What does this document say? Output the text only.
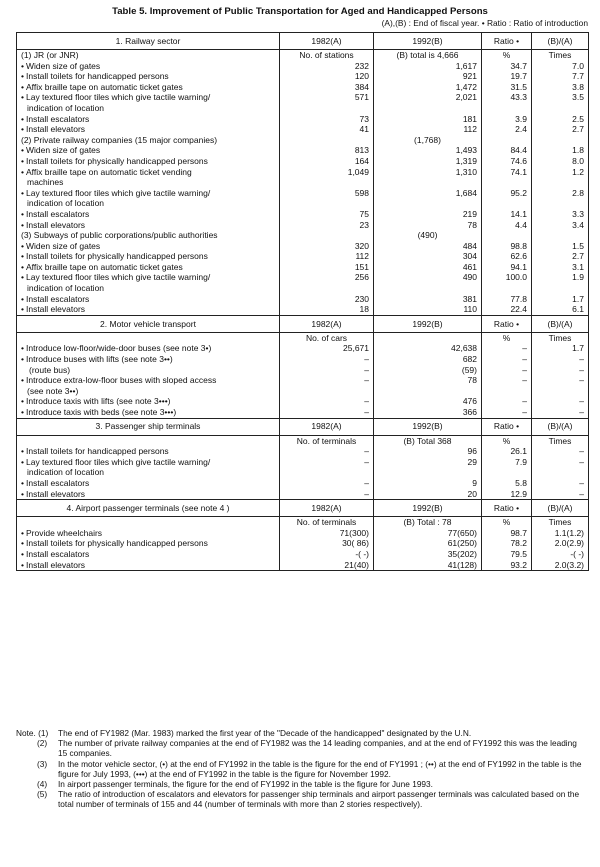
Table 5. Improvement of Public Transportation for Aged and Handicapped Persons
(A),(B) : End of fiscal year. • Ratio : Ratio of introduction
1. Railway sector	1982(A)	1992(B)	Ratio •	(B)/(A)

(1) JR (or JNR)	No. of stations	(B) total is 4,666	%	Times

• Widen size of gates	232	1,617	34.7	7.0

• Install toilets for handicapped persons	120	921	19.7	7.7

• Affix braille tape on automatic ticket gates	384	1,472	31.5	3.8

• Lay textured floor tiles which give tactile warning/
indication of location	571	2,021	43.3	3.5

• Install escalators	73	181	3.9	2.5

• Install elevators	41	112	2.4	2.7

(2) Private railway companies (15 major companies)		(1,768)		

• Widen size of gates	813	1,493	84.4	1.8

• Install toilets for physically handicapped persons	164	1,319	74.6	8.0

• Affix braille tape on automatic ticket vending
machines	1,049	1,310	74.1	1.2

• Lay textured floor tiles which give tactile warning/
indication of location	598	1,684	95.2	2.8

• Install escalators	75	219	14.1	3.3

• Install elevators	23	78	4.4	3.4

(3) Subways of public corporations/public authorities		(490)		

• Widen size of gates	320	484	98.8	1.5

• Install toilets for physically handicapped persons	112	304	62.6	2.7

• Affix braille tape on automatic ticket gates	151	461	94.1	3.1

• Lay textured floor tiles which give tactile warning/
indication of location	256	490	100.0	1.9

• Install escalators	230	381	77.8	1.7

• Install elevators	18	110	22.4	6.1
2. Motor vehicle transport	1982(A)	1992(B)	Ratio •	(B)/(A)

	No. of cars		%	Times

• Introduce low-floor/wide-door buses (see note 3•)	25,671	42,638	–	1.7

• Introduce buses with lifts (see note 3••)	–	682	–	–

(route bus)	–	(59)	–	–

• Introduce extra-low-floor buses with sloped access
(see note 3••)	–	78	–	–

• Introduce taxis with lifts (see note 3•••)	–	476	–	–

• Introduce taxis with beds (see note 3•••)	–	366	–	–
3. Passenger ship terminals	1982(A)	1992(B)	Ratio •	(B)/(A)

	No. of terminals	(B) Total 368	%	Times

• Install toilets for handicapped persons	–	96	26.1	–

• Lay textured floor tiles which give tactile warning/
indication of location	–	29	7.9	–

• Install escalators	–	9	5.8	–

• Install elevators	–	20	12.9	–
4. Airport passenger terminals (see note 4 )	1982(A)	1992(B)	Ratio •	(B)/(A)

	No. of terminals	(B) Total : 78	%	Times

• Provide wheelchairs	71(300)	77(650)	98.7	1.1(1.2)

• Install toilets for physically handicapped persons	30( 86)	61(250)	78.2	2.0(2.9)

• Install escalators	-( -)	35(202)	79.5	-( -)

• Install elevators	21(40)	41(128)	93.2	2.0(3.2)
Note. (1)	The end of FY1982 (Mar. 1983) marked the first year of the "Decade of the handicapped" designated by the U.N.
(2)	The number of private railway companies at the end of FY1982 was the 14 leading companies, and at the end of FY1992 this was the leading 15 companies.
(3)	In the motor vehicle sector, (•) at the end of FY1992 in the table is the figure for the end of FY1991 ; (••) at the end of FY1992 in the table is the figure for July 1993, (•••) at the end of FY1992 in the table is the figure for November 1992.
(4)	In airport passenger terminals, the figure for the end of FY1992 in the table is the figure for June 1993.
(5)	The ratio of introduction of escalators and elevators for passenger ship terminals and airport passenger terminals was calculated based on the total number of terminals of 155 and 44 (number of terminals with more than 2 stories respectively).
